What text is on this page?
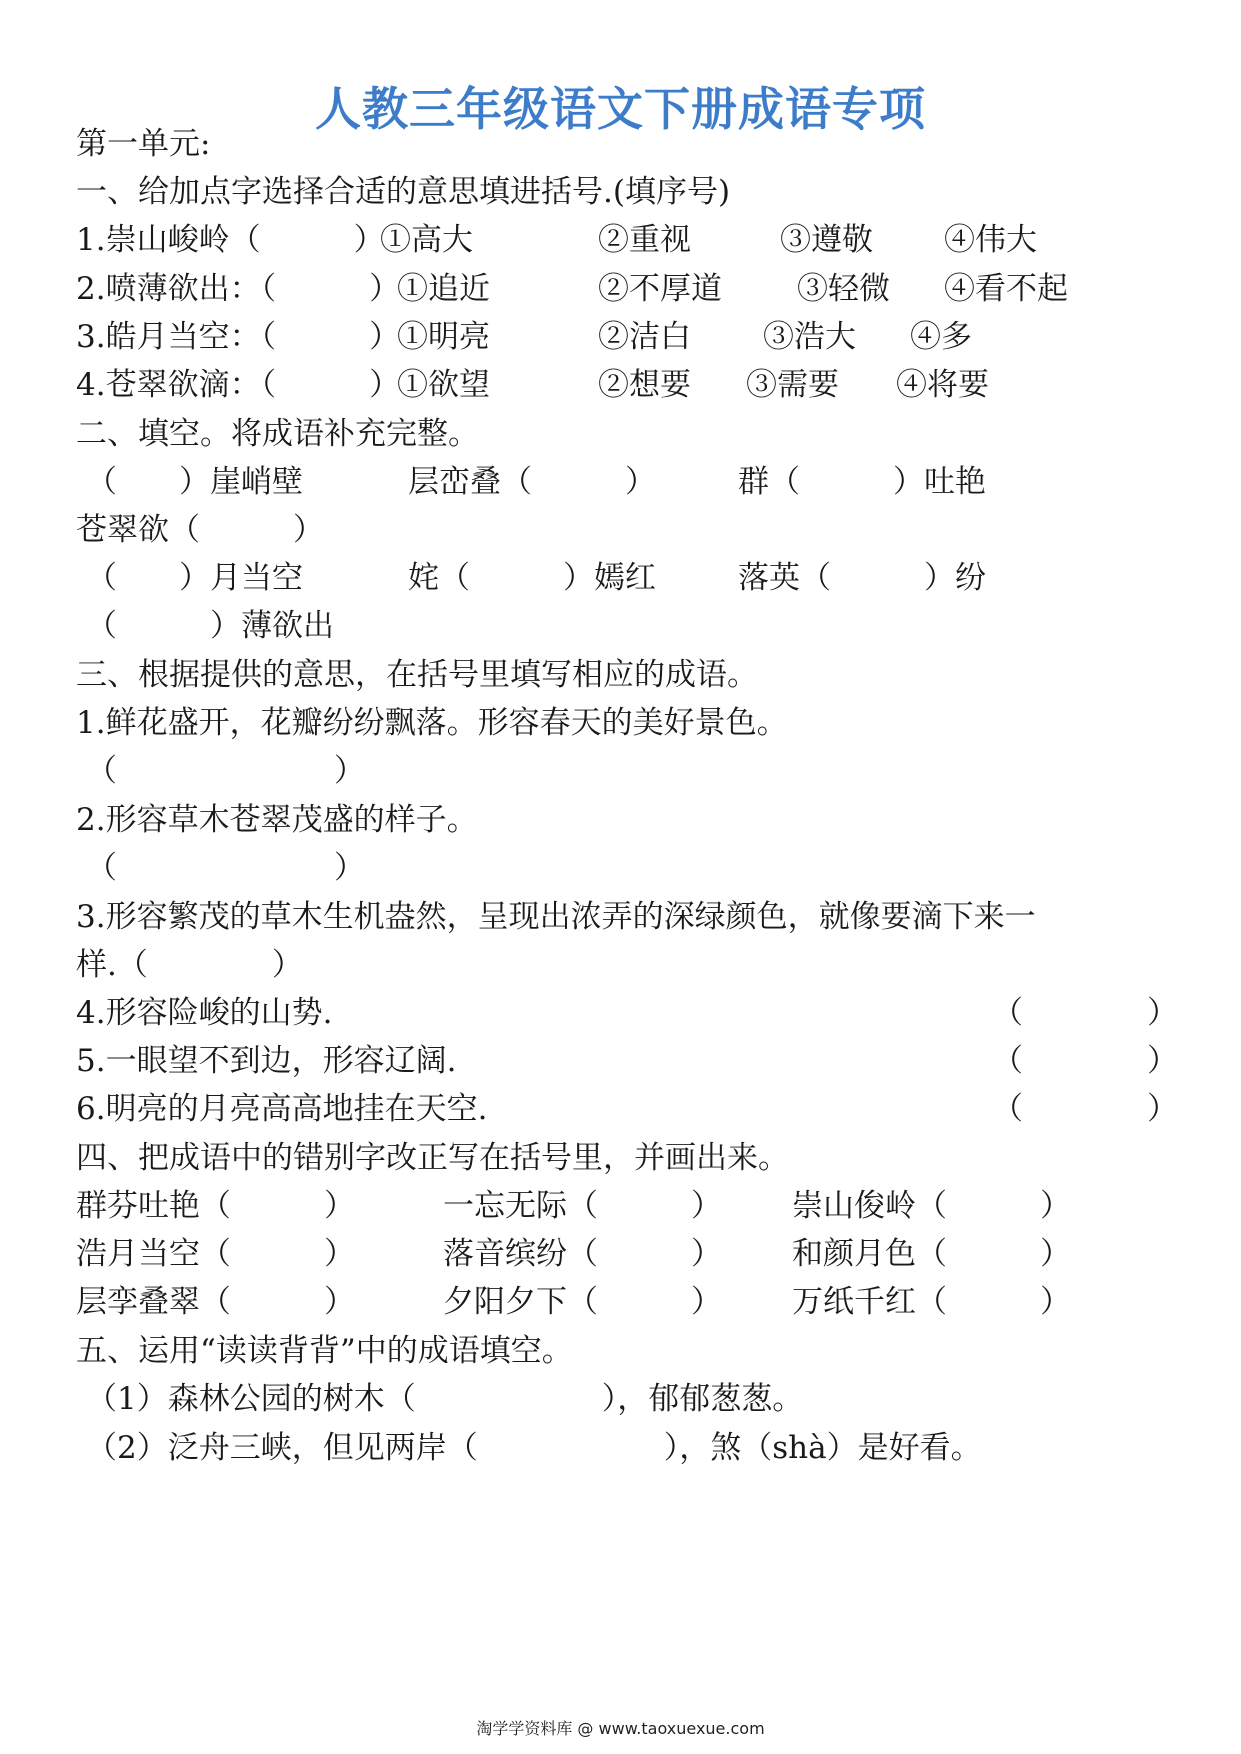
人教三年级语文下册成语专项
第一单元:
一、给加点字选择合适的意思填进括号.(填序号)
1.崇山峻岭（　　　）
①高大	②重视	③遵敬 ④伟大
2.喷薄欲出：（　　　）
①追近	②不厚道 ③轻微 ④看不起
3.皓月当空：（　　　）
①明亮	②洁白 ③浩大 ④多
4.苍翠欲滴：（　　　）
①欲望	②想要 ③需要 ④将要
二、填空。将成语补充完整。
（　　）崖峭壁	层峦叠（　　　）	群（　　　）吐艳
苍翠欲（　　　）
（　　）月当空	姹（　　　）嫣红	落英（　　　）纷
（　　　）薄欲出
三、根据提供的意思，在括号里填写相应的成语。
1.鲜花盛开，花瓣纷纷飘落。形容春天的美好景色。
（　　　　　　　）
2.形容草木苍翠茂盛的样子。
（　　　　　　　）
3.形容繁茂的草木生机盎然，呈现出浓弄的深绿颜色，就像要滴下来一
样.（　　　　）
4.形容险峻的山势.	（　　　　）
5.一眼望不到边，形容辽阔.	（　　　　）
6.明亮的月亮高高地挂在天空.	（　　　　）
四、把成语中的错别字改正写在括号里，并画出来。
群芬吐艳（　　　）	一忘无际（　　　） 崇山俊岭（　　　）
浩月当空（　　　）	落音缤纷（　　　） 和颜月色（　　　）
层孪叠翠（　　　）	夕阳夕下（　　　） 万纸千红（　　　）
五、运用“读读背背”中的成语填空。
（1）森林公园的树木（　　　　　　），郁郁葱葱。
（2）泛舟三峡，但见两岸（　　　　　　），煞（shà）是好看。
淘学学资料库 @ www.taoxuexue.com
